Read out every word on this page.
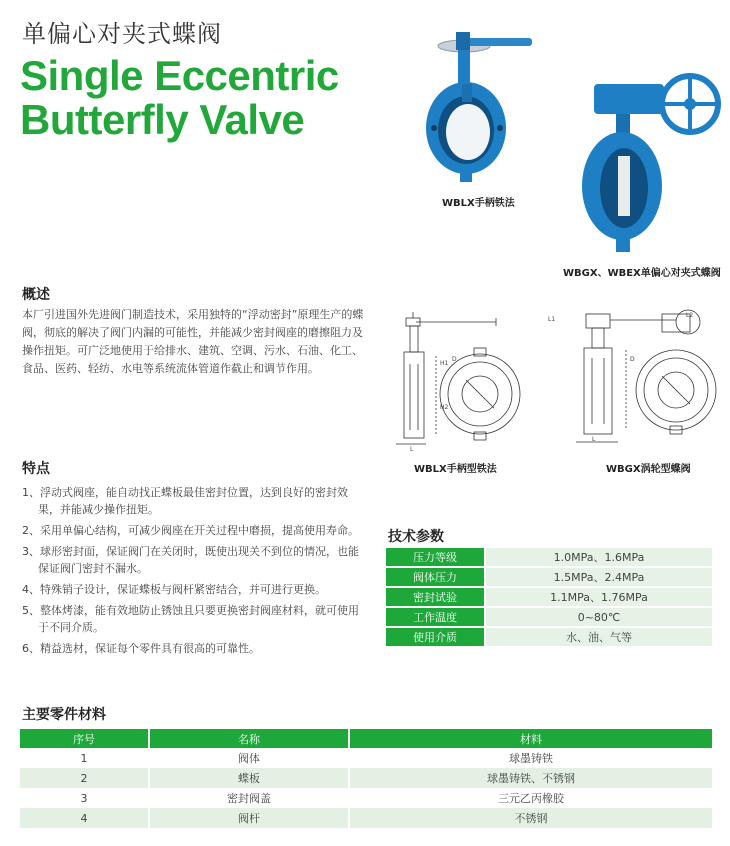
单偏心对夹式蝶阀
Single Eccentric
Butterfly Valve
WBLX手柄铁法
WBGX、WBEX单偏心对夹式蝶阀
概述
本厂引进国外先进阀门制造技术，采用独特的“浮动密封”原理生产的蝶阀，彻底的解决了阀门内漏的可能性，并能减少密封阀座的磨擦阻力及操作扭矩。可广泛地使用于给排水、建筑、空调、污水、石油、化工、食品、医药、轻纺、水电等系统流体管道作截止和调节作用。
WBLX手柄型铁法	WBGX涡轮型蝶阀
特点
1、浮动式阀座，能自动找正蝶板最佳密封位置，达到良好的密封效果，并能减少操作扭矩。
2、采用单偏心结构，可减少阀座在开关过程中磨损，提高使用寿命。
3、球形密封面，保证阀门在关闭时，既使出现关不到位的情况，也能保证阀门密封不漏水。
4、特殊销子设计，保证蝶板与阀杆紧密结合，并可进行更换。
5、整体烤漆，能有效地防止锈蚀且只要更换密封阀座材料，就可使用于不同介质。
6、精益选材，保证每个零件具有很高的可靠性。
技术参数
压力等级	1.0MPa、1.6MPa
阀体压力	1.5MPa、2.4MPa
密封试验	1.1MPa、1.76MPa
工作温度	0~80℃
使用介质	水、油、气等
主要零件材料
序号	名称	材料
1	阀体	球墨铸铁
2	蝶板	球墨铸铁、不锈钢
3	密封阀盖	三元乙丙橡胶
4	阀杆	不锈钢
L1
L2
D	D
H1
H2
L
L
